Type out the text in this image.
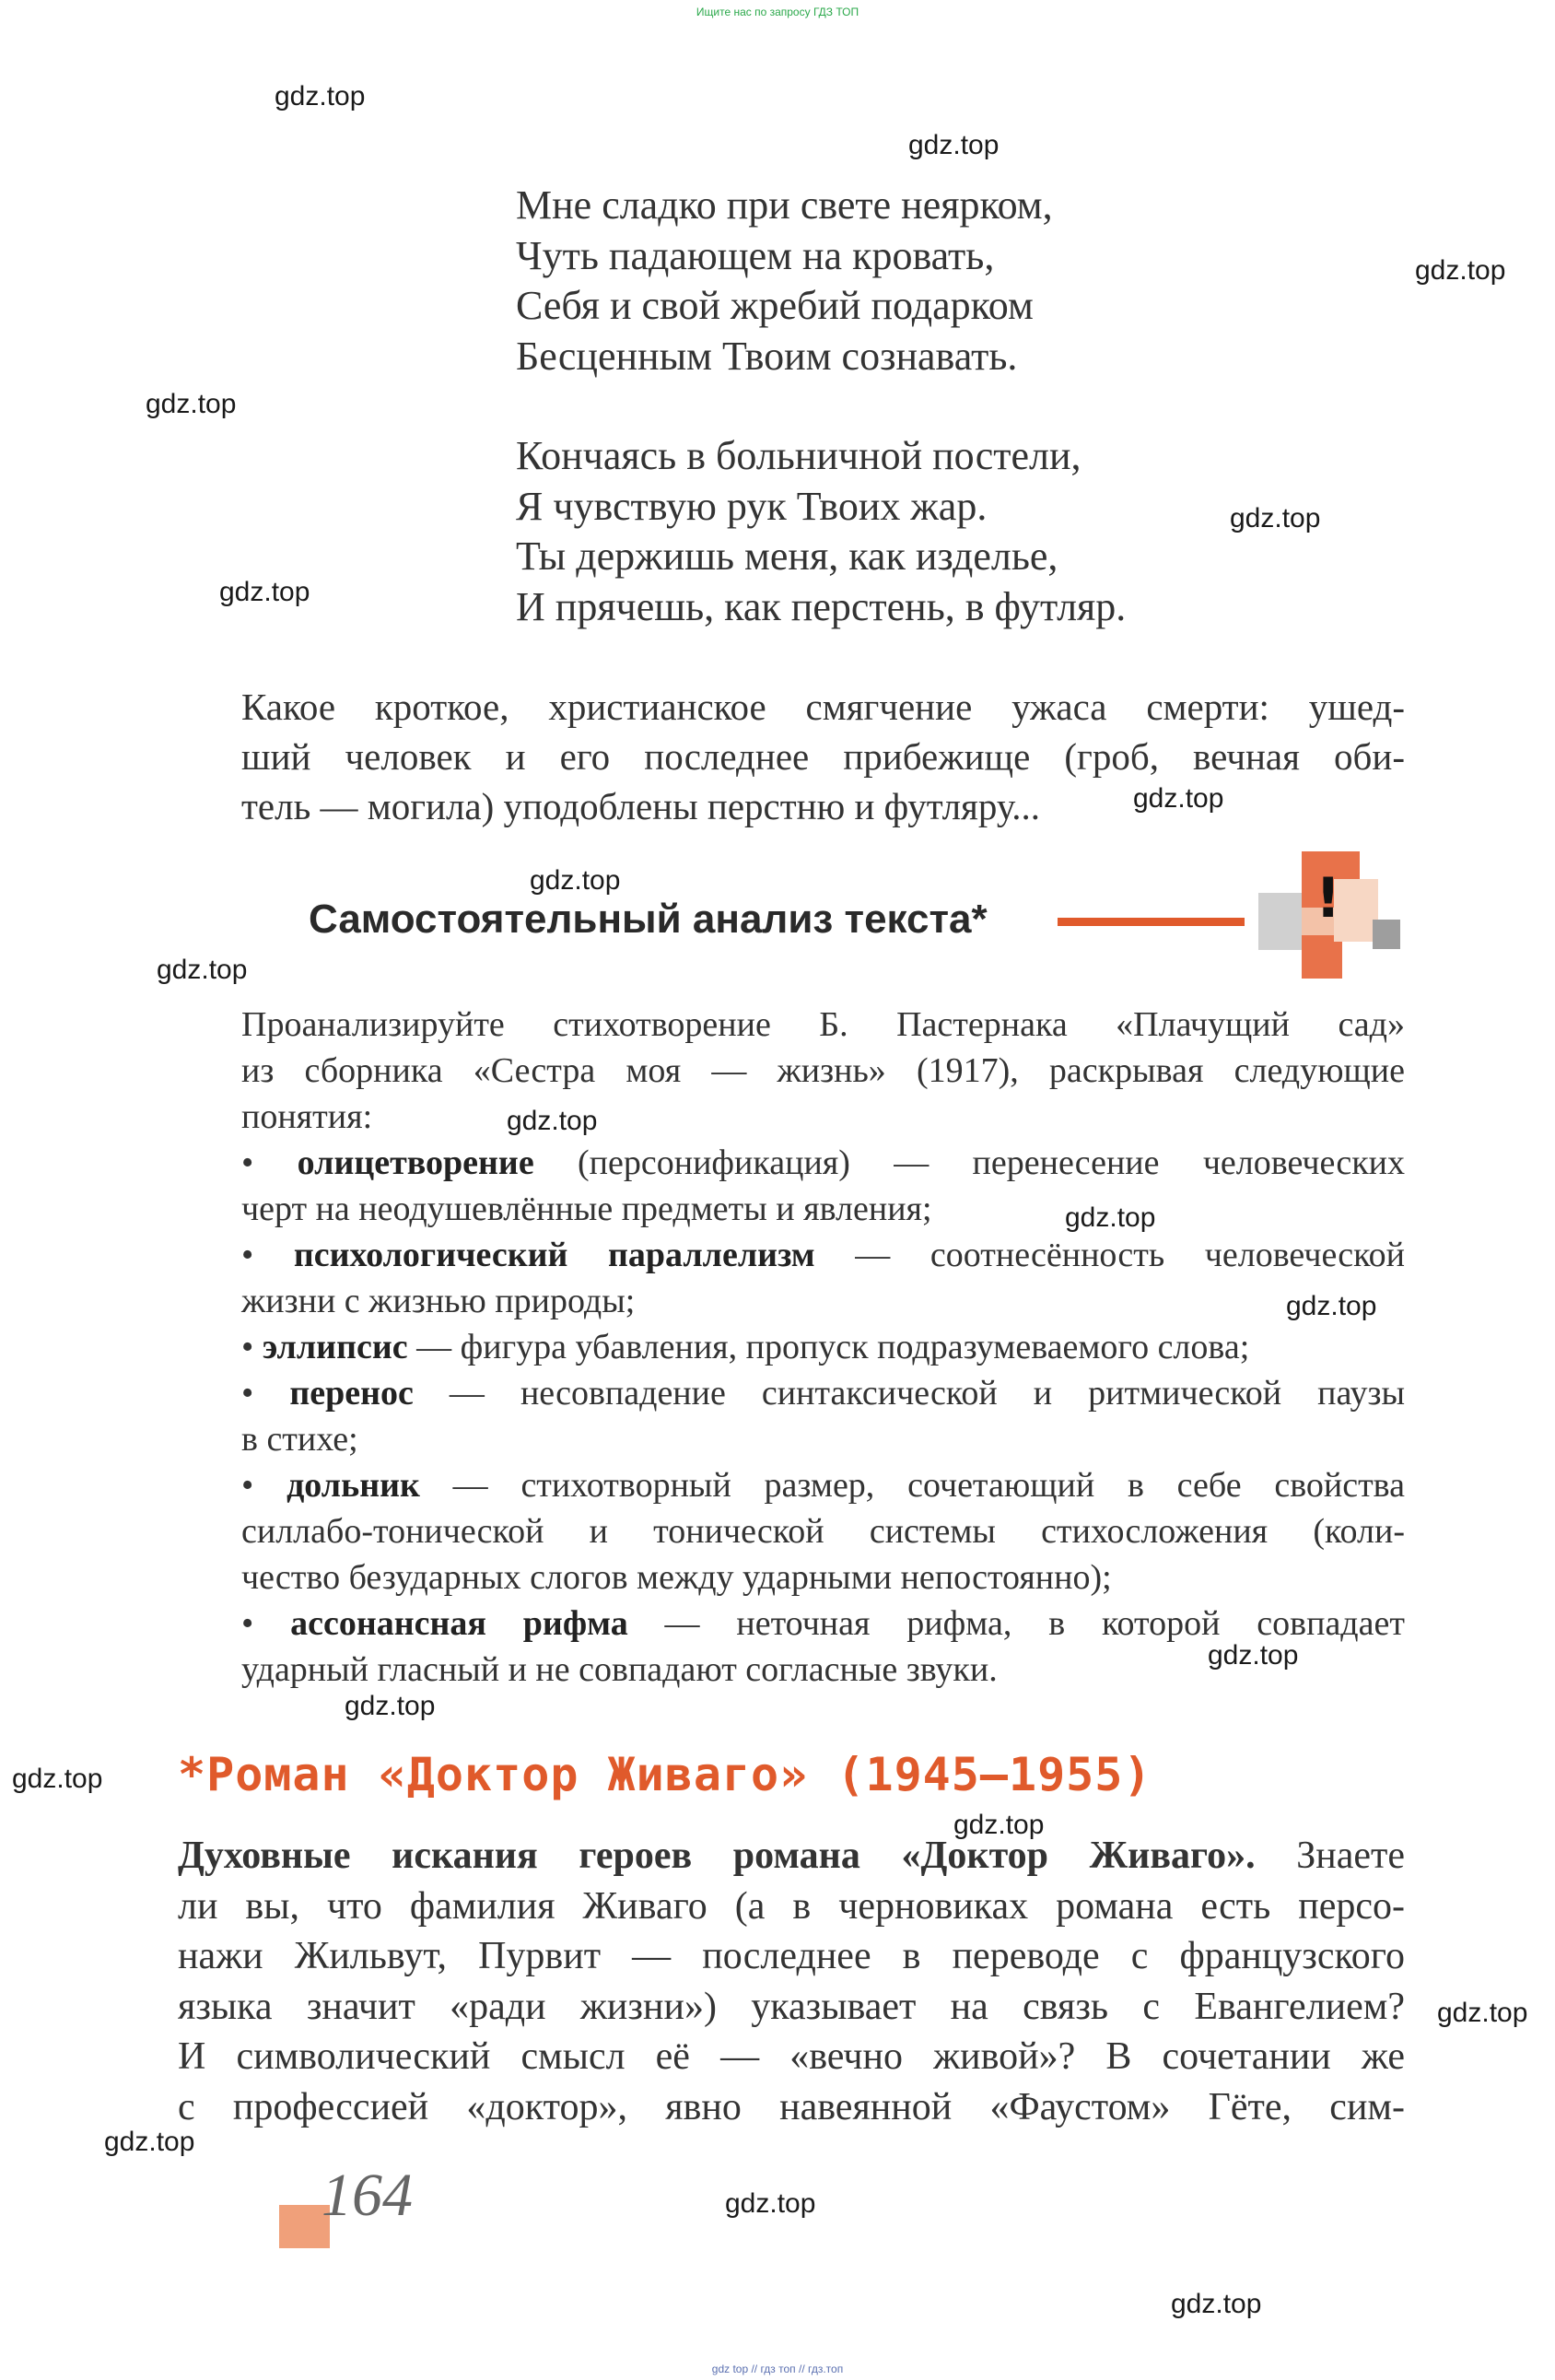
Ищите нас по запросу ГДЗ ТОП
gdz.top
gdz.top
gdz.top
gdz.top
gdz.top
gdz.top
gdz.top
gdz.top
gdz.top
gdz.top
gdz.top
gdz.top
gdz.top
gdz.top
gdz.top
gdz.top
gdz.top
gdz.top
gdz.top
gdz.top
Мне сладко при свете неярком,
Чуть падающем на кровать,
Себя и свой жребий подарком
Бесценным Твоим сознавать.
Кончаясь в больничной постели,
Я чувствую рук Твоих жар.
Ты держишь меня, как изделье,
И прячешь, как перстень, в футляр.
Какое кроткое, христианское смягчение ужаса смерти: ушед-
ший человек и его последнее прибежище (гроб, вечная оби-
тель — могила) уподоблены перстню и футляру...
Самостоятельный анализ текста*	!
Проанализируйте стихотворение Б. Пастернака «Плачущий сад»
из сборника «Сестра моя — жизнь» (1917), раскрывая следующие
понятия:
• олицетворение (персонификация) — перенесение человеческих
черт на неодушевлённые предметы и явления;
• психологический параллелизм — соотнесённость человеческой
жизни с жизнью природы;
• эллипсис — фигура убавления, пропуск подразумеваемого слова;
• перенос — несовпадение синтаксической и ритмической паузы
в стихе;
• дольник — стихотворный размер, сочетающий в себе свойства
силлабо-тонической и тонической системы стихосложения (коли-
чество безударных слогов между ударными непостоянно);
• ассонансная рифма — неточная рифма, в которой совпадает
ударный гласный и не совпадают согласные звуки.
*Роман «Доктор Живаго» (1945–1955)
Духовные искания героев романа «Доктор Живаго». Знаете
ли вы, что фамилия Живаго (а в черновиках романа есть персо-
нажи Жильвут, Пурвит — последнее в переводе с французского
языка значит «ради жизни») указывает на связь с Евангелием?
И символический смысл её — «вечно живой»? В сочетании же
с профессией «доктор», явно навеянной «Фаустом» Гёте, сим-
164
gdz top // гдз топ // гдз.топ
